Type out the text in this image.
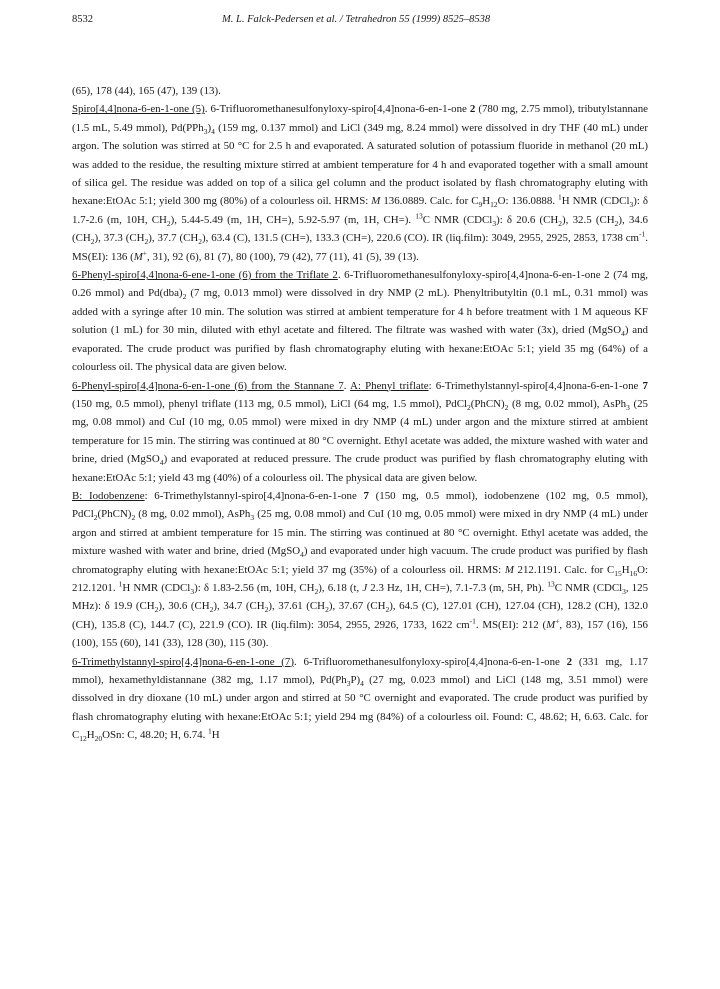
8532	M. L. Falck-Pedersen et al. / Tetrahedron 55 (1999) 8525–8538

(65), 178 (44), 165 (47), 139 (13).

Spiro[4,4]nona-6-en-1-one (5). 6-Trifluoromethanesulfonyloxy-spiro[4,4]nona-6-en-1-one 2 (780 mg, 2.75 mmol), tributylstannane (1.5 mL, 5.49 mmol), $Pd(PPh_3)_4$ (159 mg, 0.137 mmol) and LiCl (349 mg, 8.24 mmol) were dissolved in dry THF (40 mL) under argon. The solution was stirred at 50 °C for 2.5 h and evaporated. A saturated solution of potassium fluoride in methanol (20 mL) was added to the residue, the resulting mixture stirred at ambient temperature for 4 h and evaporated together with a small amount of silica gel. The residue was added on top of a silica gel column and the product isolated by flash chromatography eluting with hexane:EtOAc 5:1; yield 300 mg (80%) of a colourless oil. HRMS: M 136.0889. Calc. for $C_9H_{12}O$: 136.0888. $^1$H NMR (CDCl$_3$): δ 1.7-2.6 (m, 10H, $CH_2$), 5.44-5.49 (m, 1H, CH=), 5.92-5.97 (m, 1H, CH=). $^{13}$C NMR (CDCl$_3$): δ 20.6 $(CH_2)$, 32.5 $(CH_2)$, 34.6 $(CH_2)$, 37.3 $(CH_2)$, 37.7 $(CH_2)$, 63.4 (C), 131.5 (CH=), 133.3 (CH=), 220.6 (CO). IR (liq.film): 3049, 2955, 2925, 2853, 1738 $cm^{-1}$. MS(EI): 136 (M+, 31), 92 (6), 81 (7), 80 (100), 79 (42), 77 (11), 41 (5), 39 (13).

6-Phenyl-spiro[4,4]nona-6-ene-1-one (6) from the Triflate 2. 6-Trifluoromethanesulfonyloxy-spiro[4,4]nona-6-en-1-one 2 (74 mg, 0.26 mmol) and $Pd(dba)_2$ (7 mg, 0.013 mmol) were dissolved in dry NMP (2 mL). Phenyltributyltin (0.1 mL, 0.31 mmol) was added with a syringe after 10 min. The solution was stirred at ambient temperature for 4 h before treatment with 1 M aqueous KF solution (1 mL) for 30 min, diluted with ethyl acetate and filtered. The filtrate was washed with water (3x), dried (MgSO$_4$) and evaporated. The crude product was purified by flash chromatography eluting with hexane:EtOAc 5:1; yield 35 mg (64%) of a colourless oil. The physical data are given below.

6-Phenyl-spiro[4,4]nona-6-en-1-one (6) from the Stannane 7. A: Phenyl triflate: 6-Trimethylstannyl-spiro[4,4]nona-6-en-1-one 7 (150 mg, 0.5 mmol), phenyl triflate (113 mg, 0.5 mmol), LiCl (64 mg, 1.5 mmol), $PdCl_2(PhCN)_2$ (8 mg, 0.02 mmol), AsPh$_3$ (25 mg, 0.08 mmol) and CuI (10 mg, 0.05 mmol) were mixed in dry NMP (4 mL) under argon and the mixture stirred at ambient temperature for 15 min. The stirring was continued at 80 °C overnight. Ethyl acetate was added, the mixture washed with water and brine, dried (MgSO$_4$) and evaporated at reduced pressure. The crude product was purified by flash chromatography eluting with hexane:EtOAc 5:1; yield 43 mg (40%) of a colourless oil. The physical data are given below.

B: Iodobenzene: 6-Trimethylstannyl-spiro[4,4]nona-6-en-1-one 7 (150 mg, 0.5 mmol), iodobenzene (102 mg, 0.5 mmol), $PdCl_2(PhCN)_2$ (8 mg, 0.02 mmol), AsPh$_3$ (25 mg, 0.08 mmol) and CuI (10 mg, 0.05 mmol) were mixed in dry NMP (4 mL) under argon and stirred at ambient temperature for 15 min. The stirring was continued at 80 °C overnight. Ethyl acetate was added, the mixture washed with water and brine, dried (MgSO$_4$) and evaporated under high vacuum. The crude product was purified by flash chromatography eluting with hexane:EtOAc 5:1; yield 37 mg (35%) of a colourless oil. HRMS: M 212.1191. Calc. for $C_{15}H_{16}O$: 212.1201. $^1$H NMR (CDCl$_3$): δ 1.83-2.56 (m, 10H, $CH_2$), 6.18 (t, J 2.3 Hz, 1H, CH=), 7.1-7.3 (m, 5H, Ph). $^{13}$C NMR (CDCl$_3$, 125 MHz): δ 19.9 $(CH_2)$, 30.6 $(CH_2)$, 34.7 $(CH_2)$, 37.61 $(CH_2)$, 37.67 $(CH_2)$, 64.5 (C), 127.01 (CH), 127.04 (CH), 128.2 (CH), 132.0 (CH), 135.8 (C), 144.7 (C), 221.9 (CO). IR (liq.film): 3054, 2955, 2926, 1733, 1622 $cm^{-1}$. MS(EI): 212 (M+, 83), 157 (16), 156 (100), 155 (60), 141 (33), 128 (30), 115 (30).

6-Trimethylstannyl-spiro[4,4]nona-6-en-1-one (7). 6-Trifluoromethanesulfonyloxy-spiro[4,4]nona-6-en-1-one 2 (331 mg, 1.17 mmol), hexamethyldistannane (382 mg, 1.17 mmol), $Pd(Ph_3P)_4$ (27 mg, 0.023 mmol) and LiCl (148 mg, 3.51 mmol) were dissolved in dry dioxane (10 mL) under argon and stirred at 50 °C overnight and evaporated. The crude product was purified by flash chromatography eluting with hexane:EtOAc 5:1; yield 294 mg (84%) of a colourless oil. Found: C, 48.62; H, 6.63. Calc. for $C_{12}H_{20}OSn$: C, 48.20; H, 6.74. $^1$H
